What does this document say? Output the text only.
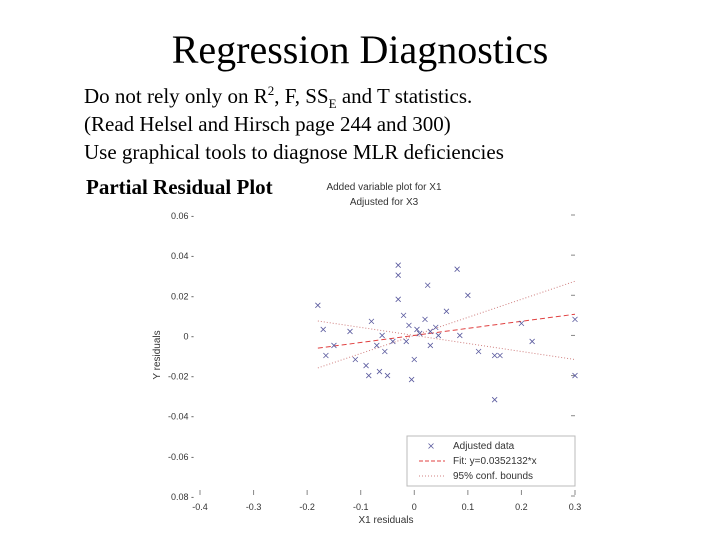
Regression Diagnostics
Do not rely only on $R^2$, F, $SS_E$ and T statistics.
(Read Helsel and Hirsch page 244 and 300)
Use graphical tools to diagnose MLR deficiencies
Partial Residual Plot	Added variable plot for X1
Adjusted for X3
0.06 -
0.04 -
0.02 -
0 -
-0.02 -
-0.04 -
-0.06 -
0.08 -
-0.4	-0.3	-0.2	-0.1	0	0.1	0.2	0.3
X1 residuals
Y residuals
Adjusted data
Fit: y=0.0352132*x
95% conf. bounds
